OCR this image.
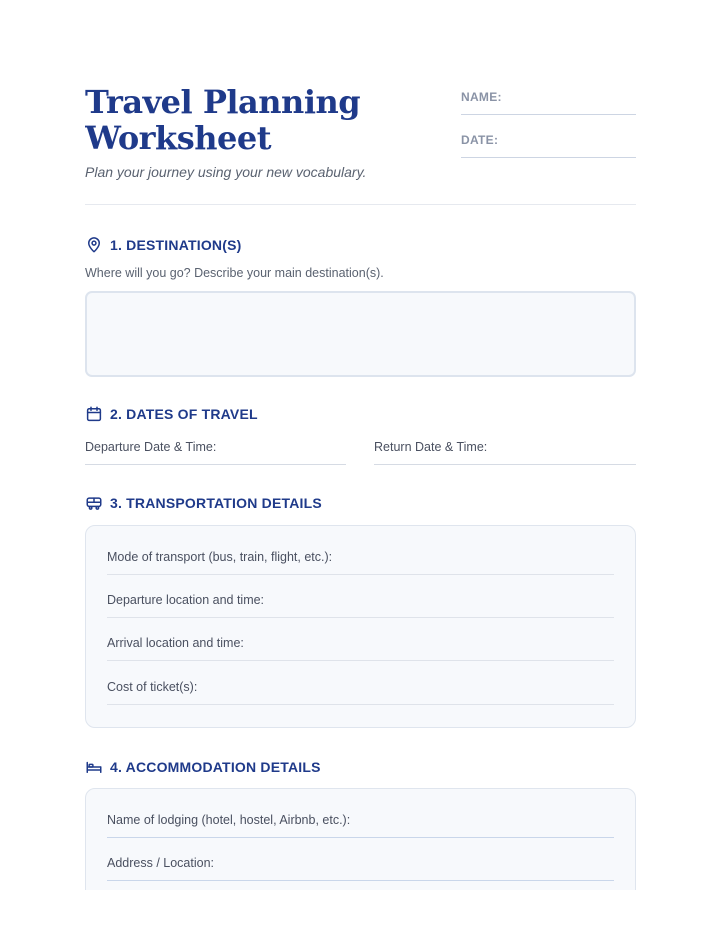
Travel Planning Worksheet
Plan your journey using your new vocabulary.
NAME:
DATE:
1. DESTINATION(S)
Where will you go? Describe your main destination(s).
2. DATES OF TRAVEL
Departure Date & Time:	Return Date & Time:
3. TRANSPORTATION DETAILS
Mode of transport (bus, train, flight, etc.):
Departure location and time:
Arrival location and time:
Cost of ticket(s):
4. ACCOMMODATION DETAILS
Name of lodging (hotel, hostel, Airbnb, etc.):
Address / Location:
